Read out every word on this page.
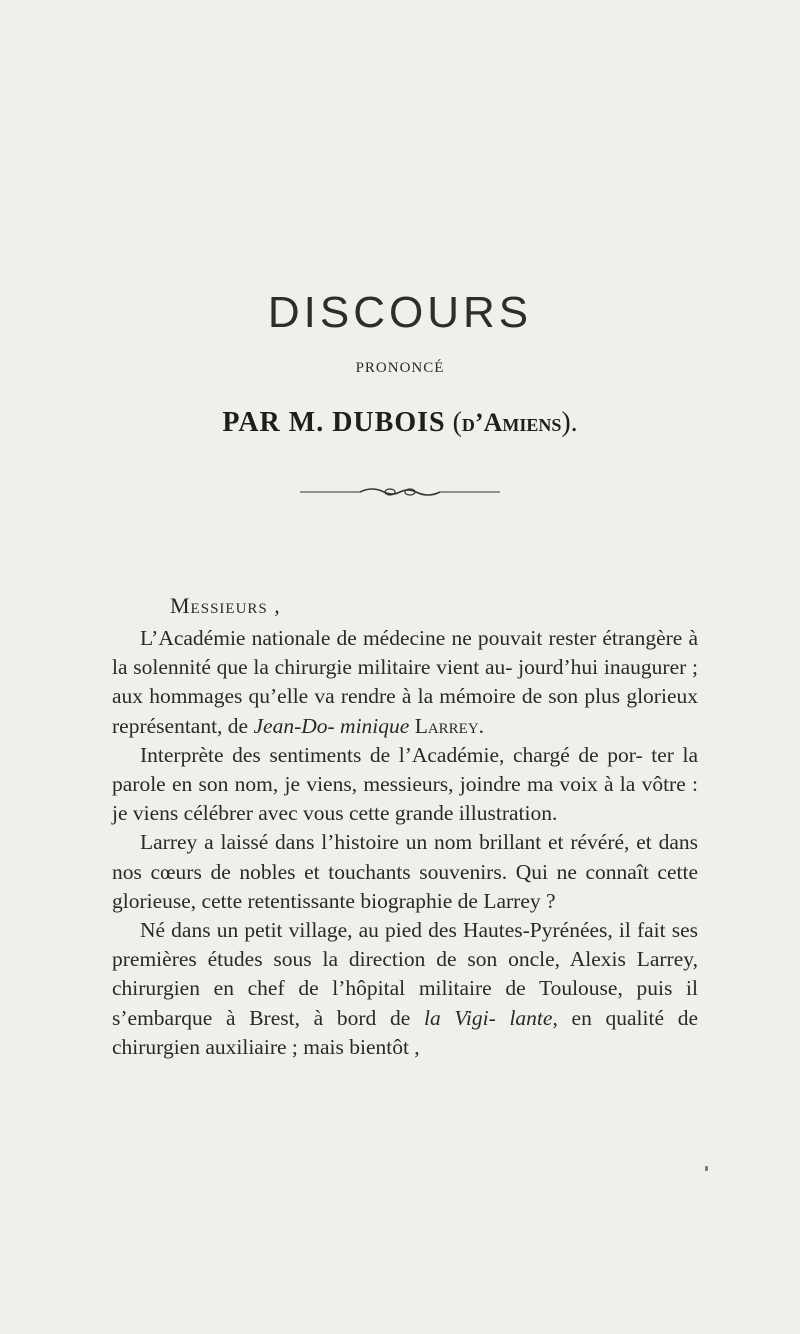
DISCOURS
PRONONCÉ
PAR M. DUBOIS (d’Amiens).
Messieurs ,

L’Académie nationale de médecine ne pouvait rester étrangère à la solennité que la chirurgie militaire vient au- jourd’hui inaugurer ; aux hommages qu’elle va rendre à la mémoire de son plus glorieux représentant, de Jean-Do- minique Larrey.

Interprète des sentiments de l’Académie, chargé de por- ter la parole en son nom, je viens, messieurs, joindre ma voix à la vôtre : je viens célébrer avec vous cette grande illustration.

Larrey a laissé dans l’histoire un nom brillant et révéré, et dans nos cœurs de nobles et touchants souvenirs. Qui ne connaît cette glorieuse, cette retentissante biographie de Larrey ?

Né dans un petit village, au pied des Hautes-Pyrénées, il fait ses premières études sous la direction de son oncle, Alexis Larrey, chirurgien en chef de l’hôpital militaire de Toulouse, puis il s’embarque à Brest, à bord de la Vigi- lante, en qualité de chirurgien auxiliaire ; mais bientôt ,
